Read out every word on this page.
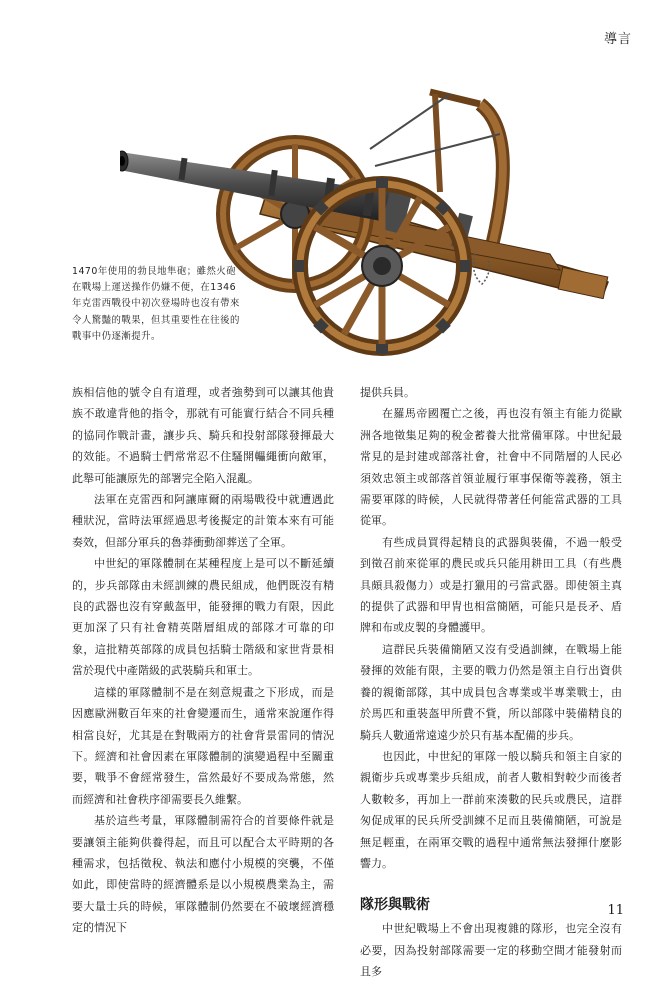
導言
1470年使用的勃艮地隼砲；雖然火砲在戰場上運送操作仍嫌不便，在1346年克雷西戰役中初次登場時也沒有帶來令人驚豔的戰果，但其重要性在往後的戰事中仍逐漸提升。

族相信他的號令自有道理，或者強勢到可以讓其他貴族不敢違背他的指令，那就有可能實行結合不同兵種的協同作戰計畫，讓步兵、騎兵和投射部隊發揮最大的效能。不過騎士們常常忍不住騷開轠繩衝向敵軍，此舉可能讓原先的部署完全陷入混亂。

法軍在克雷西和阿讓庫爾的兩場戰役中就遭遇此種狀況，當時法軍經過思考後擬定的計策本來有可能奏效，但部分軍兵的魯莽衝動卻葬送了全軍。

中世紀的軍隊體制在某種程度上是可以不斷延續的，步兵部隊由未經訓練的農民組成，他們既沒有精良的武器也沒有穿戴盔甲，能發揮的戰力有限，因此更加深了只有社會精英階層組成的部隊才可靠的印象，這批精英部隊的成員包括騎士階級和家世背景相當於現代中產階級的武裝騎兵和軍士。

這樣的軍隊體制不是在刻意規畫之下形成，而是因應歐洲數百年來的社會變遷而生，通常來說運作得相當良好，尤其是在對戰兩方的社會背景雷同的情況下。經濟和社會因素在軍隊體制的演變過程中至關重要，戰爭不會經常發生，當然最好不要成為常態，然而經濟和社會秩序卻需要長久維繫。

基於這些考量，軍隊體制需符合的首要條件就是要讓領主能夠供養得起，而且可以配合太平時期的各種需求，包括徵稅、執法和應付小規模的突襲，不僅如此，即使當時的經濟體系是以小規模農業為主，需要大量士兵的時候，軍隊體制仍然要在不破壞經濟穩定的情況下

提供兵員。

在羅馬帝國覆亡之後，再也沒有領主有能力從歐洲各地徵集足夠的稅金蓄養大批常備軍隊。中世紀最常見的是封建或部落社會，社會中不同階層的人民必須效忠領主或部落首領並履行軍事保衛等義務，領主需要軍隊的時候，人民就得帶著任何能當武器的工具從軍。

有些成員買得起精良的武器與裝備，不過一般受到徵召前來從軍的農民或兵只能用耕田工具（有些農具頗具殺傷力）或是打獵用的弓當武器。即使領主真的提供了武器和甲冑也相當簡陋，可能只是長矛、盾牌和布或皮製的身體護甲。

這群民兵裝備簡陋又沒有受過訓練，在戰場上能發揮的效能有限，主要的戰力仍然是領主自行出資供養的親衛部隊，其中成員包含專業或半專業戰士，由於馬匹和重裝盔甲所費不貲，所以部隊中裝備精良的騎兵人數通常遠遠少於只有基本配備的步兵。

也因此，中世紀的軍隊一般以騎兵和領主自家的親衛步兵或專業步兵組成，前者人數相對較少而後者人數較多，再加上一群前來湊數的民兵或農民，這群匆促成軍的民兵所受訓練不足而且裝備簡陋，可說是無足輕重，在兩軍交戰的過程中通常無法發揮什麼影響力。

隊形與戰術

中世紀戰場上不會出現複雜的隊形，也完全沒有必要，因為投射部隊需要一定的移動空間才能發射而且多

11
